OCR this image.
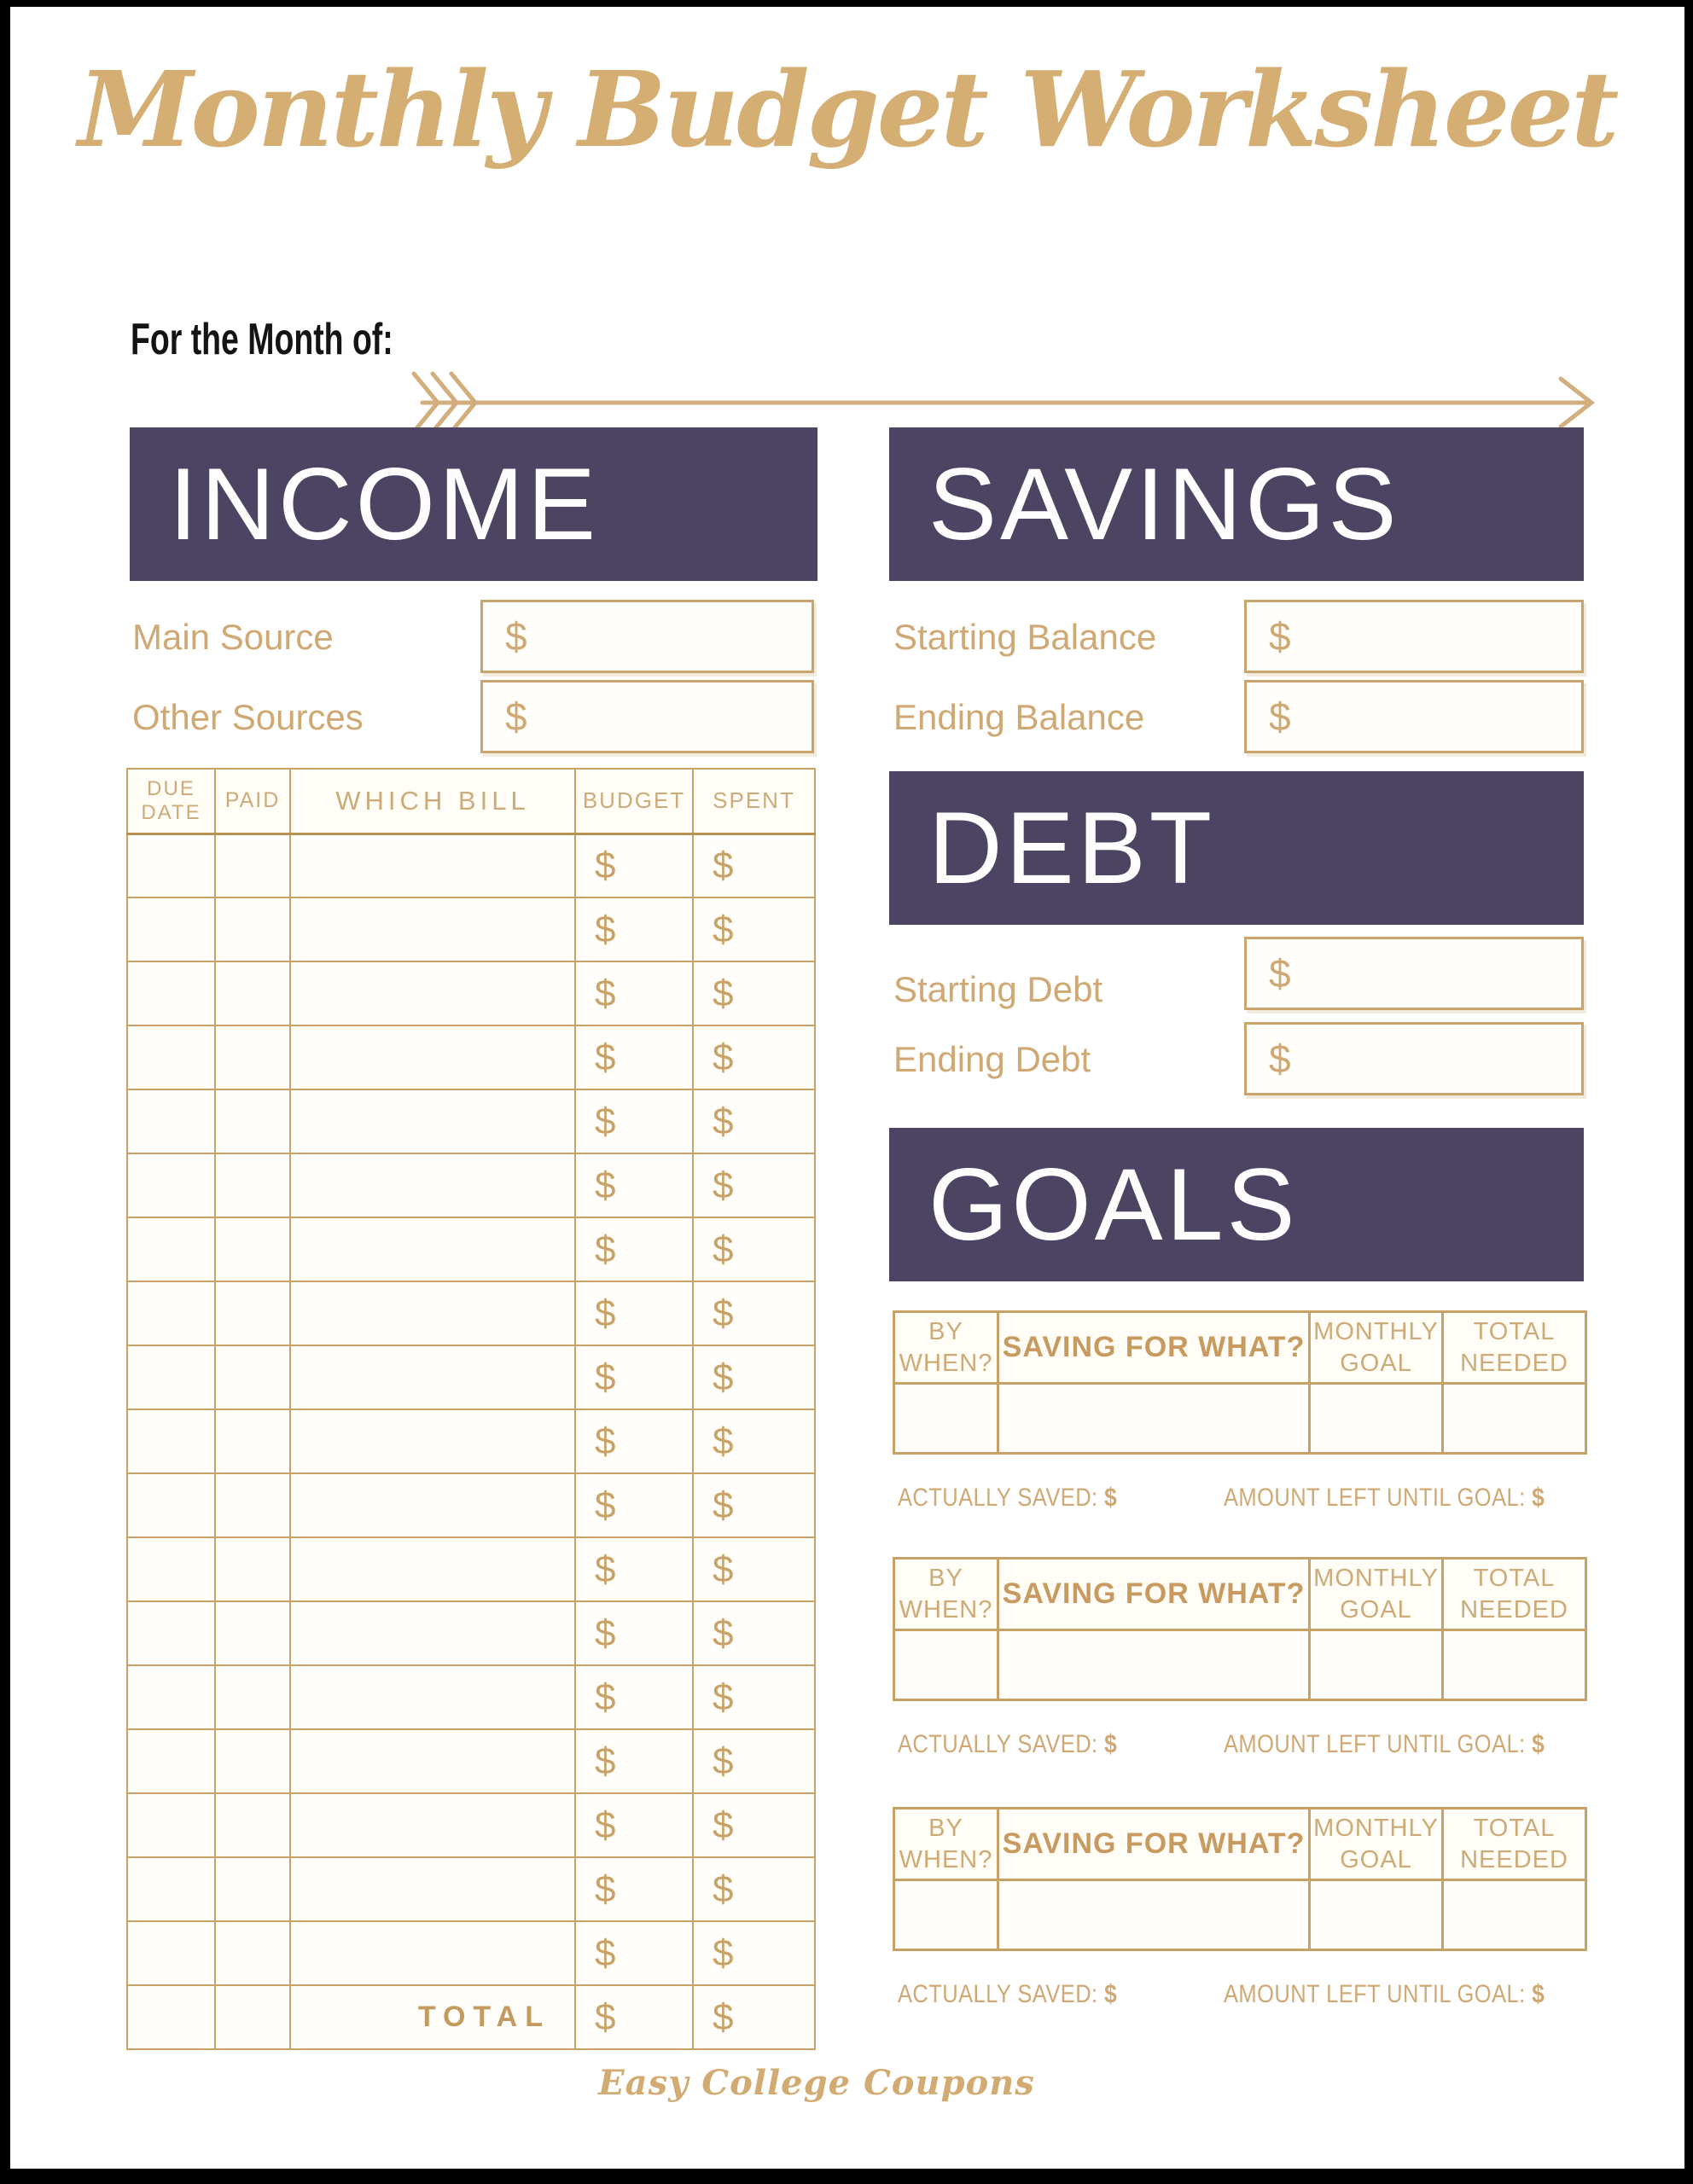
Monthly Budget Worksheet
For the Month of:
INCOME
Main Source	$
Other Sources	$
DUE
DATE	PAID	WHICH BILL	BUDGET	SPENT
			$	$
			$	$
			$	$
			$	$
			$	$
			$	$
			$	$
			$	$
			$	$
			$	$
			$	$
			$	$
			$	$
			$	$
			$	$
			$	$
			$	$
			$	$
		TOTAL	$	$
SAVINGS
Starting Balance	$
Ending Balance	$
DEBT
Starting Debt	$
Ending Debt	$
GOALS
BY WHEN?	SAVING FOR WHAT?	MONTHLY GOAL	TOTAL NEEDED

ACTUALLY SAVED: $	AMOUNT LEFT UNTIL GOAL: $
BY WHEN?	SAVING FOR WHAT?	MONTHLY GOAL	TOTAL NEEDED

ACTUALLY SAVED: $	AMOUNT LEFT UNTIL GOAL: $
BY WHEN?	SAVING FOR WHAT?	MONTHLY GOAL	TOTAL NEEDED

ACTUALLY SAVED: $	AMOUNT LEFT UNTIL GOAL: $
Easy College Coupons
